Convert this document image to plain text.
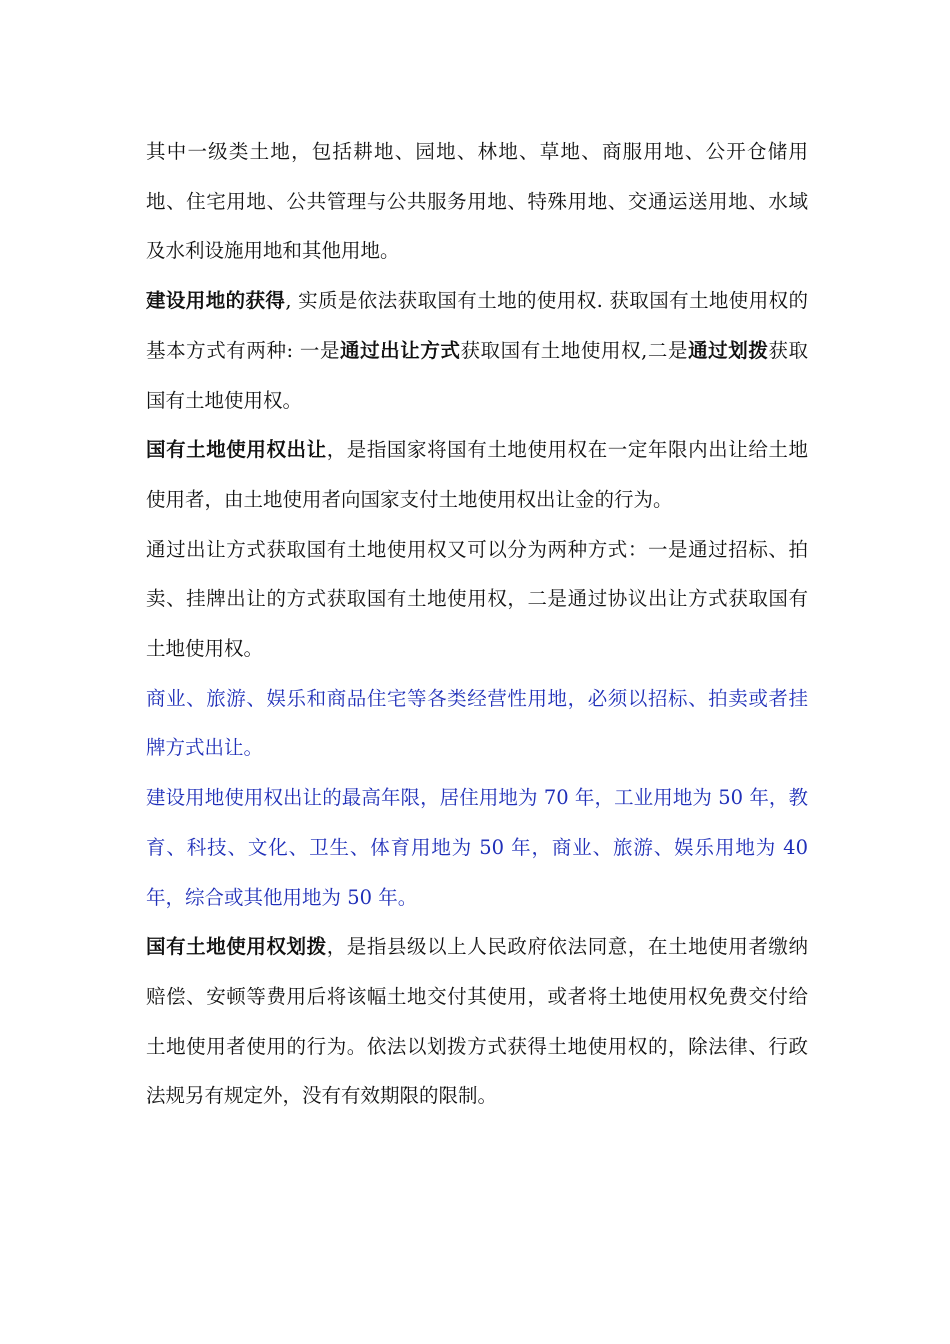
其中一级类土地，包括耕地、园地、林地、草地、商服用地、公开仓储用地、住宅用地、公共管理与公共服务用地、特殊用地、交通运送用地、水域及水利设施用地和其他用地。

建设用地的获得, 实质是依法获取国有土地的使用权. 获取国有土地使用权的基本方式有两种: 一是通过出让方式获取国有土地使用权,二是通过划拨获取国有土地使用权。

国有土地使用权出让，是指国家将国有土地使用权在一定年限内出让给土地使用者，由土地使用者向国家支付土地使用权出让金的行为。

通过出让方式获取国有土地使用权又可以分为两种方式：一是通过招标、拍卖、挂牌出让的方式获取国有土地使用权，二是通过协议出让方式获取国有土地使用权。

商业、旅游、娱乐和商品住宅等各类经营性用地，必须以招标、拍卖或者挂牌方式出让。

建设用地使用权出让的最高年限，居住用地为 70 年，工业用地为 50 年，教育、科技、文化、卫生、体育用地为 50 年，商业、旅游、娱乐用地为 40 年，综合或其他用地为 50 年。

国有土地使用权划拨，是指县级以上人民政府依法同意，在土地使用者缴纳赔偿、安顿等费用后将该幅土地交付其使用，或者将土地使用权免费交付给土地使用者使用的行为。依法以划拨方式获得土地使用权的，除法律、行政法规另有规定外，没有有效期限的限制。
